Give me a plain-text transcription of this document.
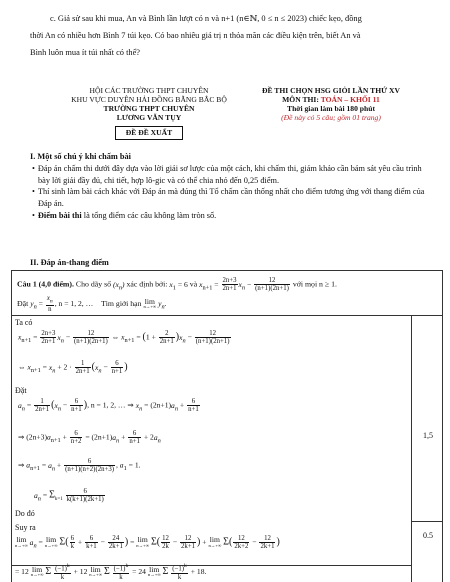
c. Giả sử sau khi mua, An và Bình lần lượt có n và n+1 (n∈ℕ, 0 ≤ n ≤ 2023) chiếc kẹo, đồng

thời An có nhiều hơn Bình 7 túi kẹo. Có bao nhiêu giá trị n thỏa mãn các điều kiện trên, biết An và

Bình luôn mua ít túi nhất có thể?

HỘI CÁC TRƯỜNG THPT CHUYÊN
KHU VỰC DUYÊN HẢI ĐỒNG BẰNG BẮC BỘ
TRƯỜNG THPT CHUYÊN
LƯƠNG VĂN TỤY
ĐỀ ĐỀ XUẤT
ĐỀ THI CHỌN HSG GIỎI LẦN THỨ XV
MÔN THI: TOÁN – KHỐI 11
Thời gian làm bài 180 phút
(Đề này có 5 câu; gồm 01 trang)
I. Một số chú ý khi chấm bài
• Đáp án chấm thi dưới đây dựa vào lời giải sơ lược của một cách, khi chấm thi, giám khảo cần bám sát yêu cầu trình bày lời giải đầy đủ, chi tiết, hợp lô-gic và có thể chia nhỏ đến 0,25 điểm.
• Thí sinh làm bài cách khác với Đáp án mà đúng thì Tổ chấm cần thống nhất cho điểm tương ứng với thang điểm của Đáp án.
• Điểm bài thi là tổng điểm các câu không làm tròn số.
II. Đáp án-thang điểm
Câu 1 (4,0 điểm). Cho dãy số $(x_n)$ xác định bởi: $x_1 = 6$ và $x_{n+1} = \frac{2n+3}{2n+1} x_n - \frac{12}{(n+1)(2n+1)}$ với mọi n ≥ 1.
Đặt $y_n = \frac{x_n}{n}$ , n = 1, 2, … Tìm giới hạn lim
n→+∞ $y_n$.
Ta có
$x_{n+1} = \frac{2n+3}{2n+1} x_n - \frac{12}{(n+1)(2n+1)}$ ⇔ $x_{n+1} = (1 + \frac{2}{2n+1} )x_n - \frac{12}{(n+1)(2n+1)}$
⇔ $x_{n+1} = x_n + 2 \cdot \frac{1}{2n+1} (x_n - \frac{6}{n+1}$ )
Đặt
$a_n = \frac{1}{2n+1} (x_n - \frac{6}{n+1}$ ), n = 1, 2, … ⇒ $x_n = (2n+1)a_n + \frac{6}{n+1}$
⇒ $(2n+3)a_{n+1} + \frac{6}{n+2} = (2n+1)a_n + \frac{6}{n+1} + 2a_n$
⇒ $a_{n+1} = a_n + \frac{6}{(n+1)(n+2)(2n+3)}$ , $a_1 = 1$.
$a_n = \Sigma_{k=1} \frac{6}{k(k+1)(2k+1)}$
Do đó
1,5
Suy ra
lim
n→+∞ $a_n = \lim$
n→+∞ $\Sigma( \frac{6}{k} + \frac{6}{k+1} - \frac{24}{2k+1}$ ) = lim
n→+∞ $\Sigma( \frac{12}{2k} - \frac{12}{2k+1}$ ) + lim
n→+∞ $\Sigma( \frac{12}{2k+2} - \frac{12}{2k+1}$ )
= 12 lim
n→+∞ Σ $\frac{(-1)^k}{k} + 12$ lim
n→+∞ Σ $\frac{(-1)^k}{k} = 24$ lim
n→+∞ Σ $\frac{(-1)^k}{k} + 18$.
0.5
